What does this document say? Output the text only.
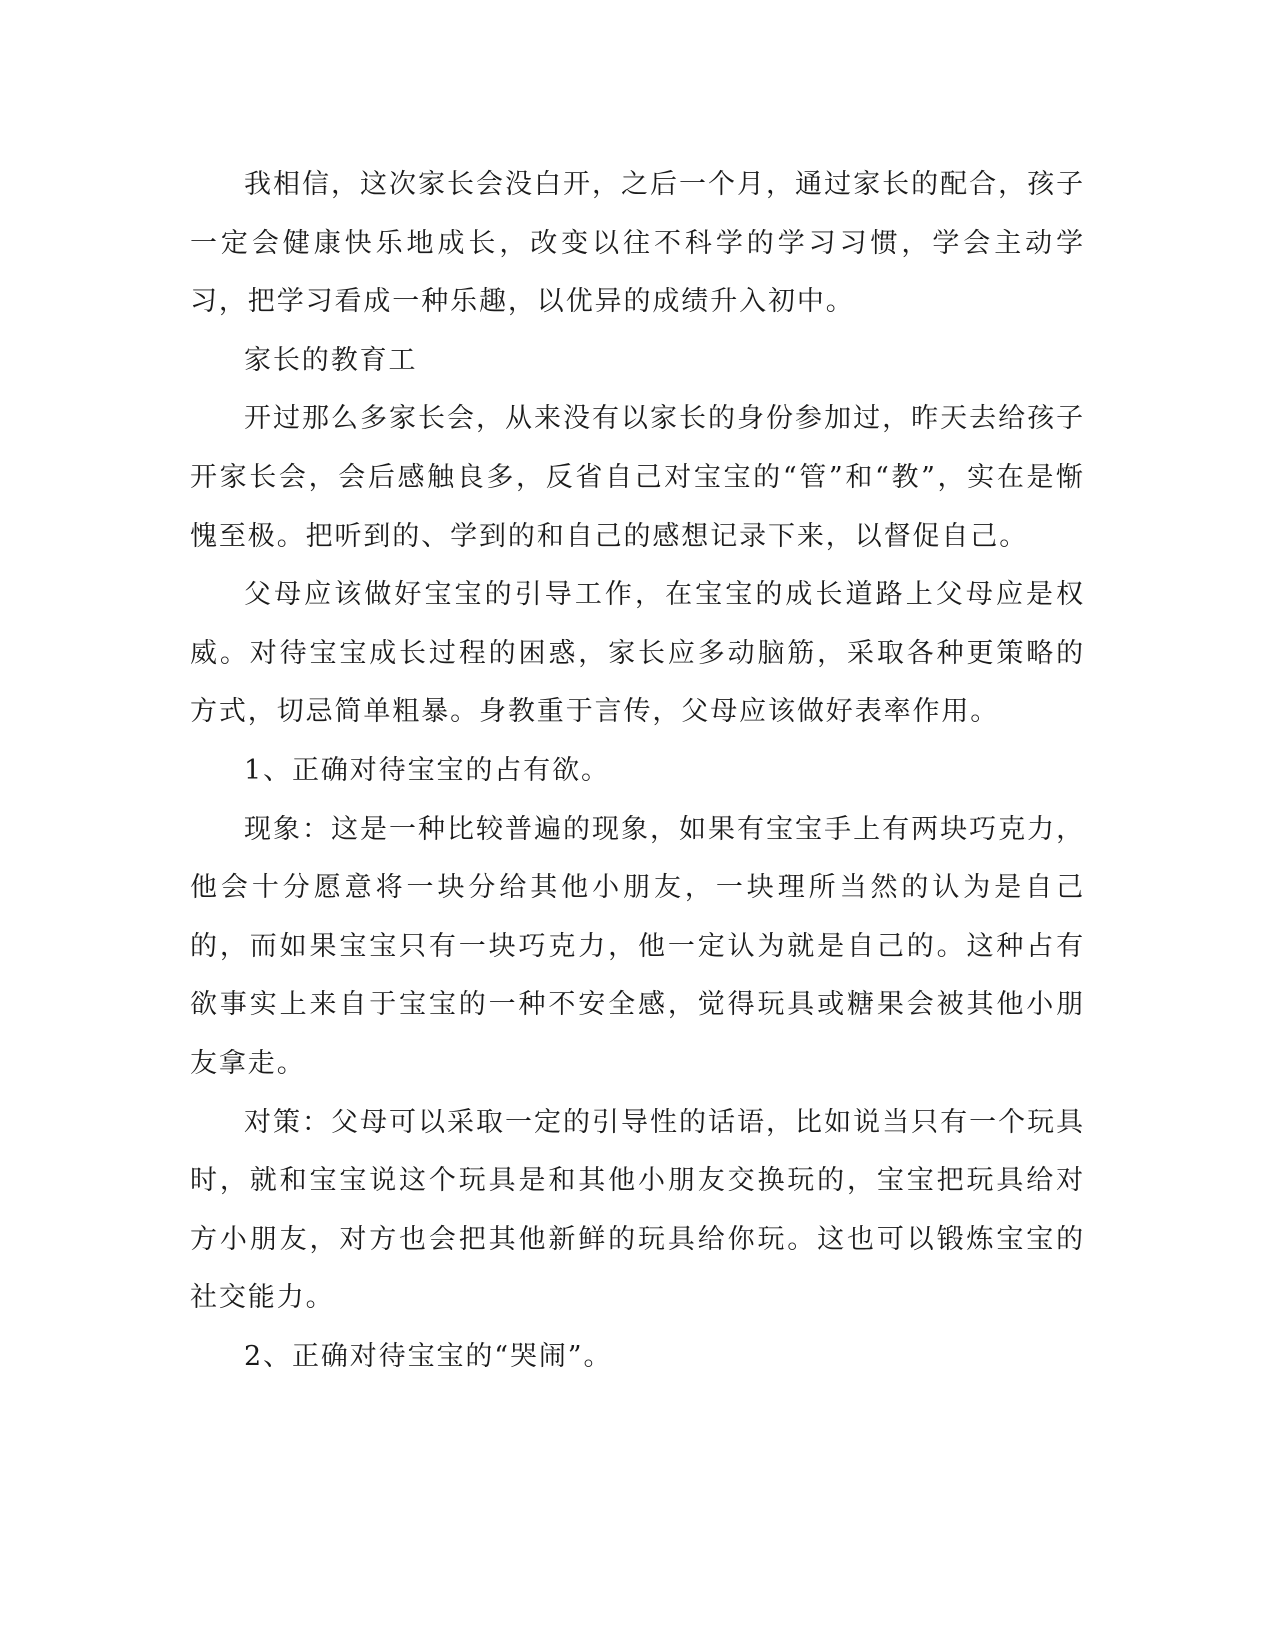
我相信，这次家长会没白开，之后一个月，通过家长的配合，孩子一定会健康快乐地成长，改变以往不科学的学习习惯，学会主动学习，把学习看成一种乐趣，以优异的成绩升入初中。

家长的教育工

开过那么多家长会，从来没有以家长的身份参加过，昨天去给孩子开家长会，会后感触良多，反省自己对宝宝的“管”和“教”，实在是惭愧至极。把听到的、学到的和自己的感想记录下来，以督促自己。

父母应该做好宝宝的引导工作，在宝宝的成长道路上父母应是权威。对待宝宝成长过程的困惑，家长应多动脑筋，采取各种更策略的方式，切忌简单粗暴。身教重于言传，父母应该做好表率作用。

1、正确对待宝宝的占有欲。

现象：这是一种比较普遍的现象，如果有宝宝手上有两块巧克力，他会十分愿意将一块分给其他小朋友，一块理所当然的认为是自己的，而如果宝宝只有一块巧克力，他一定认为就是自己的。这种占有欲事实上来自于宝宝的一种不安全感，觉得玩具或糖果会被其他小朋友拿走。

对策：父母可以采取一定的引导性的话语，比如说当只有一个玩具时，就和宝宝说这个玩具是和其他小朋友交换玩的，宝宝把玩具给对方小朋友，对方也会把其他新鲜的玩具给你玩。这也可以锻炼宝宝的社交能力。

2、正确对待宝宝的“哭闹”。
